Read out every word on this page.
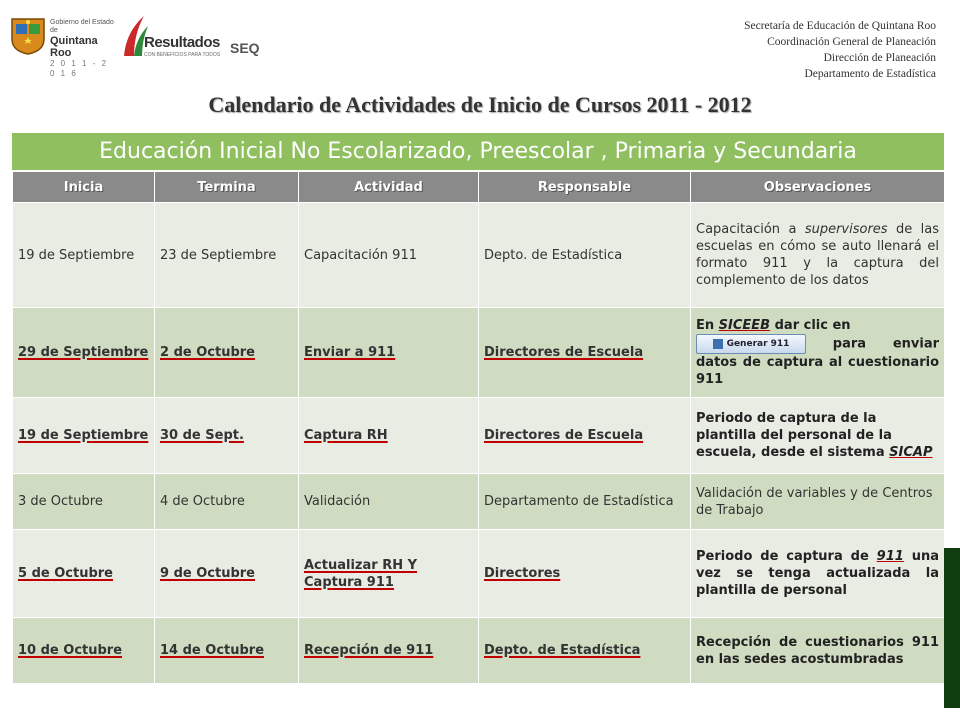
Gobierno del Estado de
Quintana Roo
2 0 1 1 - 2 0 1 6
Resultados
CON BENEFICIOS PARA TODOS SEQ
Secretaría de Educación de Quintana Roo
Coordinación General de Planeación
Dirección de Planeación
Departamento de Estadística
Calendario de Actividades de Inicio de Cursos 2011 - 2012
Educación Inicial No Escolarizado, Preescolar , Primaria y Secundaria
Inicia	Termina	Actividad	Responsable	Observaciones
19 de Septiembre	23 de Septiembre	Capacitación 911	Depto. de Estadística	Capacitación a supervisores de las escuelas en cómo se auto llenará el formato 911 y la captura del complemento de los datos
29 de Septiembre	2 de Octubre	Enviar a 911	Directores de Escuela	En SICEEB dar clic en
Generar 911 para enviar datos de captura al cuestionario 911
19 de Septiembre	30 de Sept.	Captura RH	Directores de Escuela	Periodo de captura de la plantilla del personal de la escuela, desde el sistema SICAP
3 de Octubre	4 de Octubre	Validación	Departamento de Estadística	Validación de variables y de Centros de Trabajo
5 de Octubre	9 de Octubre	Actualizar RH Y Captura 911	Directores	Periodo de captura de 911 una vez se tenga actualizada la plantilla de personal
10 de Octubre	14 de Octubre	Recepción de 911	Depto. de Estadística	Recepción de cuestionarios 911 en las sedes acostumbradas
